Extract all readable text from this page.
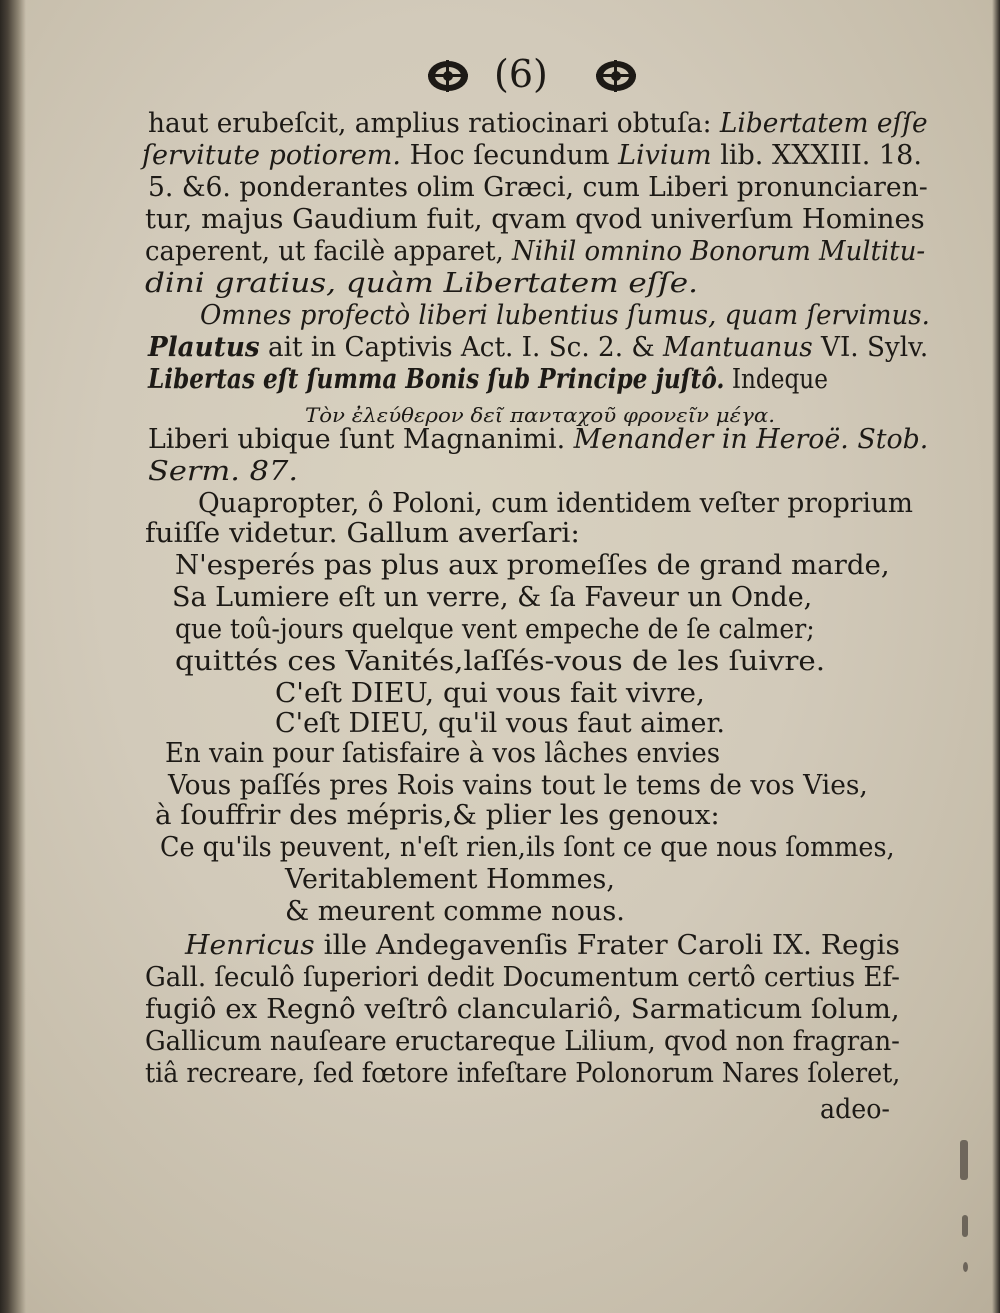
(6)
haut erubeſcit, amplius ratiocinari obtuſa: Libertatem eſſe
ſervitute potiorem. Hoc ſecundum Livium lib. XXXIII. 18.
5. &6. ponderantes olim Græci, cum Liberi pronunciaren-
tur, majus Gaudium fuit, qvam qvod univerſum Homines
caperent, ut facilè apparet, Nihil omnino Bonorum Multitu-
dini gratius, quàm Libertatem eſſe.
Omnes profectò liberi lubentius ſumus, quam ſervimus.
Plautus ait in Captivis Act. I. Sc. 2. & Mantuanus VI. Sylv.
Libertas eſt ſumma Bonis ſub Principe juſtô. Indeque
Τὸν ἐλεύθερον δεῖ πανταχοῦ φρονεῖν μέγα.
Liberi ubique ſunt Magnanimi. Menander in Heroë. Stob.
Serm. 87.
Quapropter, ô Poloni, cum identidem veſter proprium
fuiſſe videtur. Gallum averſari:
N'esperés pas plus aux promeſſes de grand marde,
Sa Lumiere eſt un verre, & ſa Faveur un Onde,
que toû-jours quelque vent empeche de ſe calmer;
quittés ces Vanités,laſſés-vous de les ſuivre.
C'eſt DIEU, qui vous fait vivre,
C'eſt DIEU, qu'il vous faut aimer.
En vain pour ſatisfaire à vos lâches envies
Vous paſſés pres Rois vains tout le tems de vos Vies,
à ſouffrir des mépris,& plier les genoux:
Ce qu'ils peuvent, n'eſt rien,ils ſont ce que nous ſommes,
Veritablement Hommes,
& meurent comme nous.
Henricus ille Andegavenſis Frater Caroli IX. Regis
Gall. ſeculô ſuperiori dedit Documentum certô certius Ef-
fugiô ex Regnô veſtrô clanculariô, Sarmaticum ſolum,
Gallicum nauſeare eructareque Lilium, qvod non fragran-
tiâ recreare, ſed fœtore infeſtare Polonorum Nares ſoleret,
adeo-
